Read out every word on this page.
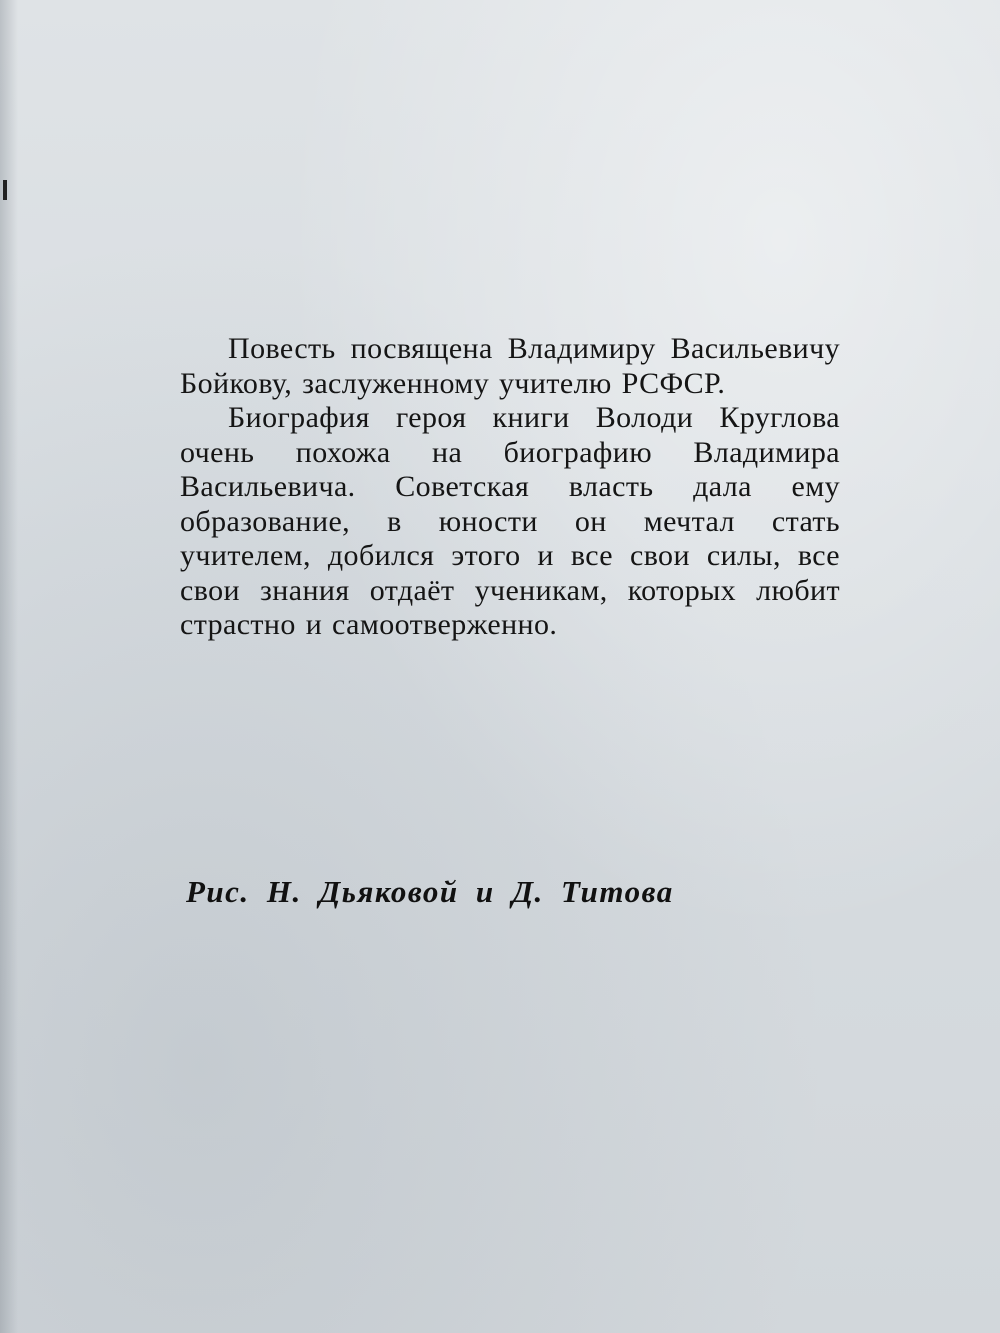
Повесть посвящена Владимиру Васильевичу Бойкову, заслуженному учителю РСФСР.

Биография героя книги Володи Круглова очень похожа на биографию Владимира Васильевича. Советская власть дала ему образование, в юности он мечтал стать учителем, добился этого и все свои силы, все свои знания отдаёт ученикам, которых любит страстно и самоотверженно.

Рис. Н. Дьяковой и Д. Титова
